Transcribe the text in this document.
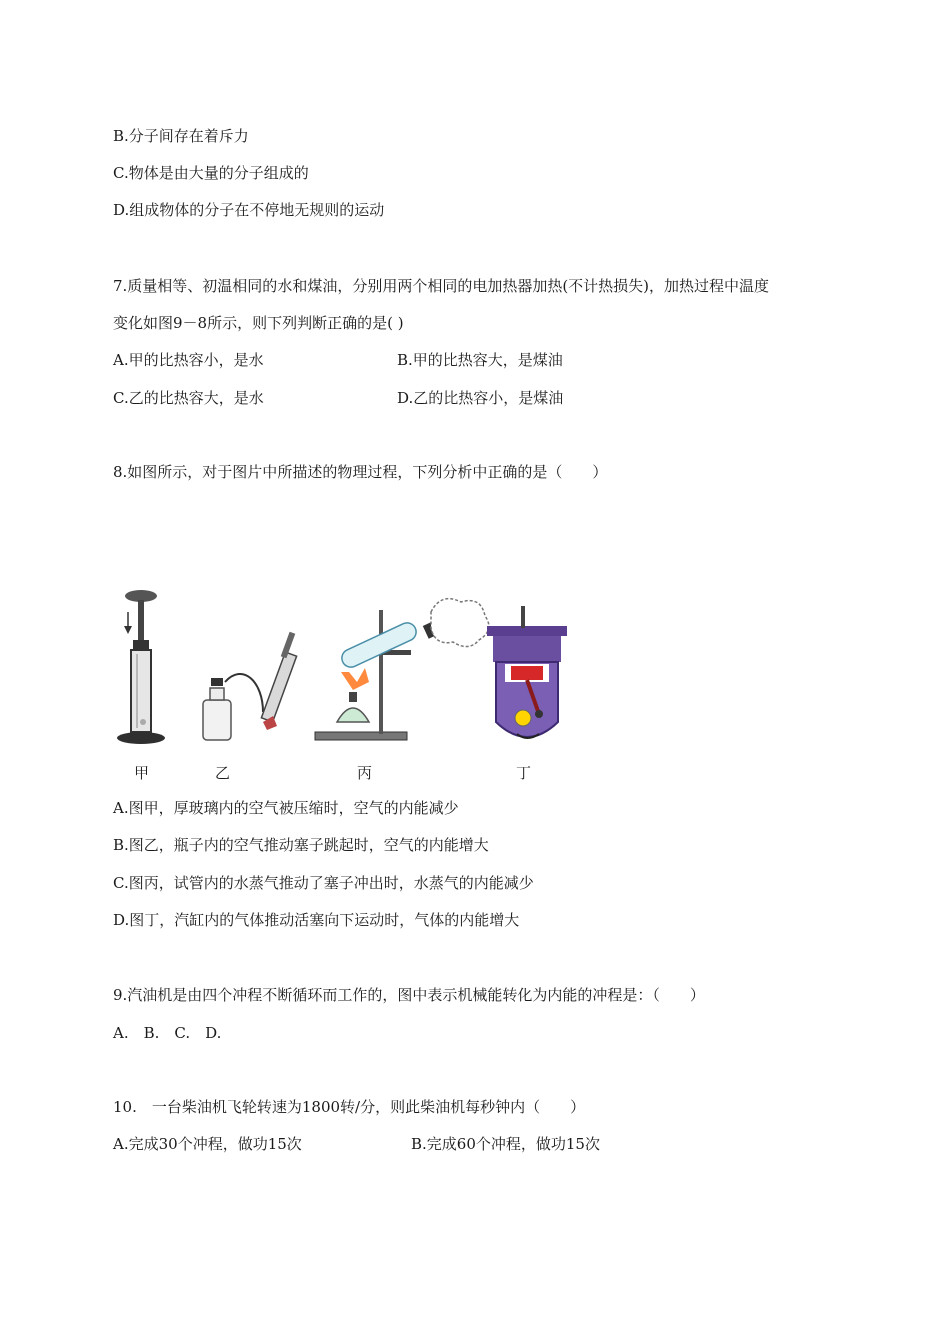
B.分子间存在着斥力
C.物体是由大量的分子组成的
D.组成物体的分子在不停地无规则的运动
7.质量相等、初温相同的水和煤油，分别用两个相同的电加热器加热(不计热损失)，加热过程中温度
变化如图9－8所示，则下列判断正确的是( )
A.甲的比热容小，是水	B.甲的比热容大，是煤油
C.乙的比热容大，是水	D.乙的比热容小，是煤油
8.如图所示，对于图片中所描述的物理过程，下列分析中正确的是（　　）
甲	乙	丙	丁
A.图甲，厚玻璃内的空气被压缩时，空气的内能减少
B.图乙，瓶子内的空气推动塞子跳起时，空气的内能增大
C.图丙，试管内的水蒸气推动了塞子冲出时，水蒸气的内能减少
D.图丁，汽缸内的气体推动活塞向下运动时，气体的内能增大
9.汽油机是由四个冲程不断循环而工作的，图中表示机械能转化为内能的冲程是：（　　）
A.　B.　C.　D.
10.　一台柴油机飞轮转速为1800转/分，则此柴油机每秒钟内（　　）
A.完成30个冲程，做功15次	B.完成60个冲程，做功15次
